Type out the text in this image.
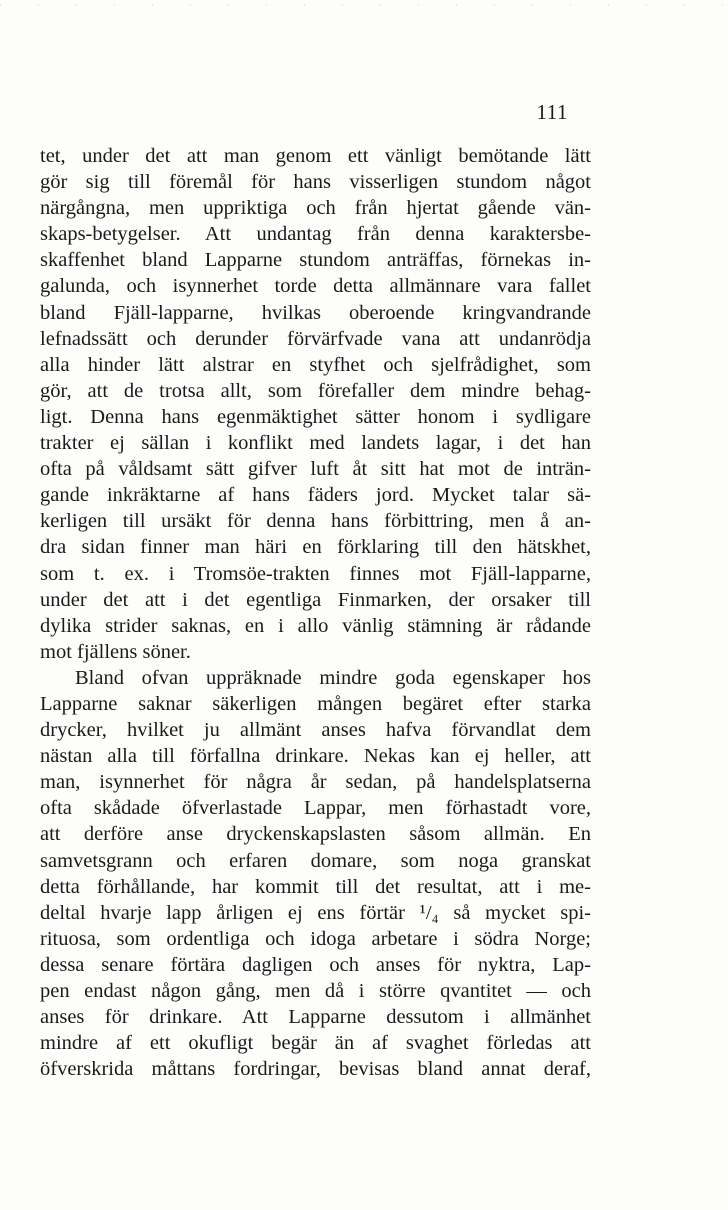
111
tet, under det att man genom ett vänligt bemötande lätt
gör sig till föremål för hans visserligen stundom något
närgångna, men uppriktiga och från hjertat gående vän-
skaps-betygelser. Att undantag från denna karaktersbe-
skaffenhet bland Lapparne stundom anträffas, förnekas in-
galunda, och isynnerhet torde detta allmännare vara fallet
bland Fjäll-lapparne, hvilkas oberoende kringvandrande
lefnadssätt och derunder förvärfvade vana att undanrödja
alla hinder lätt alstrar en styfhet och sjelfrådighet, som
gör, att de trotsa allt, som förefaller dem mindre behag-
ligt. Denna hans egenmäktighet sätter honom i sydligare
trakter ej sällan i konflikt med landets lagar, i det han
ofta på våldsamt sätt gifver luft åt sitt hat mot de inträn-
gande inkräktarne af hans fäders jord. Mycket talar sä-
kerligen till ursäkt för denna hans förbittring, men å an-
dra sidan finner man häri en förklaring till den hätskhet,
som t. ex. i Tromsöe-trakten finnes mot Fjäll-lapparne,
under det att i det egentliga Finmarken, der orsaker till
dylika strider saknas, en i allo vänlig stämning är rådande
mot fjällens söner.
Bland ofvan uppräknade mindre goda egenskaper hos
Lapparne saknar säkerligen mången begäret efter starka
drycker, hvilket ju allmänt anses hafva förvandlat dem
nästan alla till förfallna drinkare. Nekas kan ej heller, att
man, isynnerhet för några år sedan, på handelsplatserna
ofta skådade öfverlastade Lappar, men förhastadt vore,
att derföre anse dryckenskapslasten såsom allmän. En
samvetsgrann och erfaren domare, som noga granskat
detta förhållande, har kommit till det resultat, att i me-
deltal hvarje lapp årligen ej ens förtär ¹/₄ så mycket spi-
rituosa, som ordentliga och idoga arbetare i södra Norge;
dessa senare förtära dagligen och anses för nyktra, Lap-
pen endast någon gång, men då i större qvantitet — och
anses för drinkare. Att Lapparne dessutom i allmänhet
mindre af ett okufligt begär än af svaghet förledas att
öfverskrida måttans fordringar, bevisas bland annat deraf,
